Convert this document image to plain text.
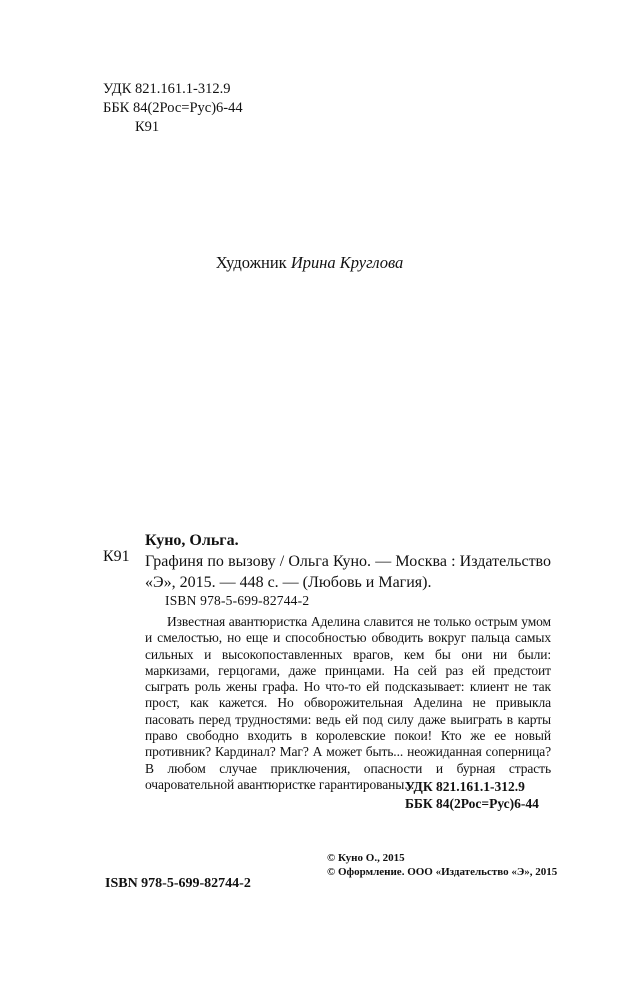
УДК 821.161.1-312.9
ББК 84(2Рос=Рус)6-44
К91
Художник Ирина Круглова
К91
Куно, Ольга.
Графиня по вызову / Ольга Куно. — Москва : Издательство «Э», 2015. — 448 с. — (Любовь и Магия).
ISBN 978-5-699-82744-2
Известная авантюристка Аделина славится не только острым умом и смелостью, но еще и способностью обводить вокруг пальца самых сильных и высокопоставленных врагов, кем бы они ни были: маркизами, герцогами, даже принцами. На сей раз ей предстоит сыграть роль жены графа. Но что-то ей подсказывает: клиент не так прост, как кажется. Но обворожительная Аделина не привыкла пасовать перед трудностями: ведь ей под силу даже выиграть в карты право свободно входить в королевские покои! Кто же ее новый противник? Кардинал? Маг? А может быть... неожиданная соперница? В любом случае приключения, опасности и бурная страсть очаровательной авантюристке гарантированы...
УДК 821.161.1-312.9
ББК 84(2Рос=Рус)6-44
© Куно О., 2015
© Оформление. ООО «Издательство «Э», 2015
ISBN 978-5-699-82744-2
